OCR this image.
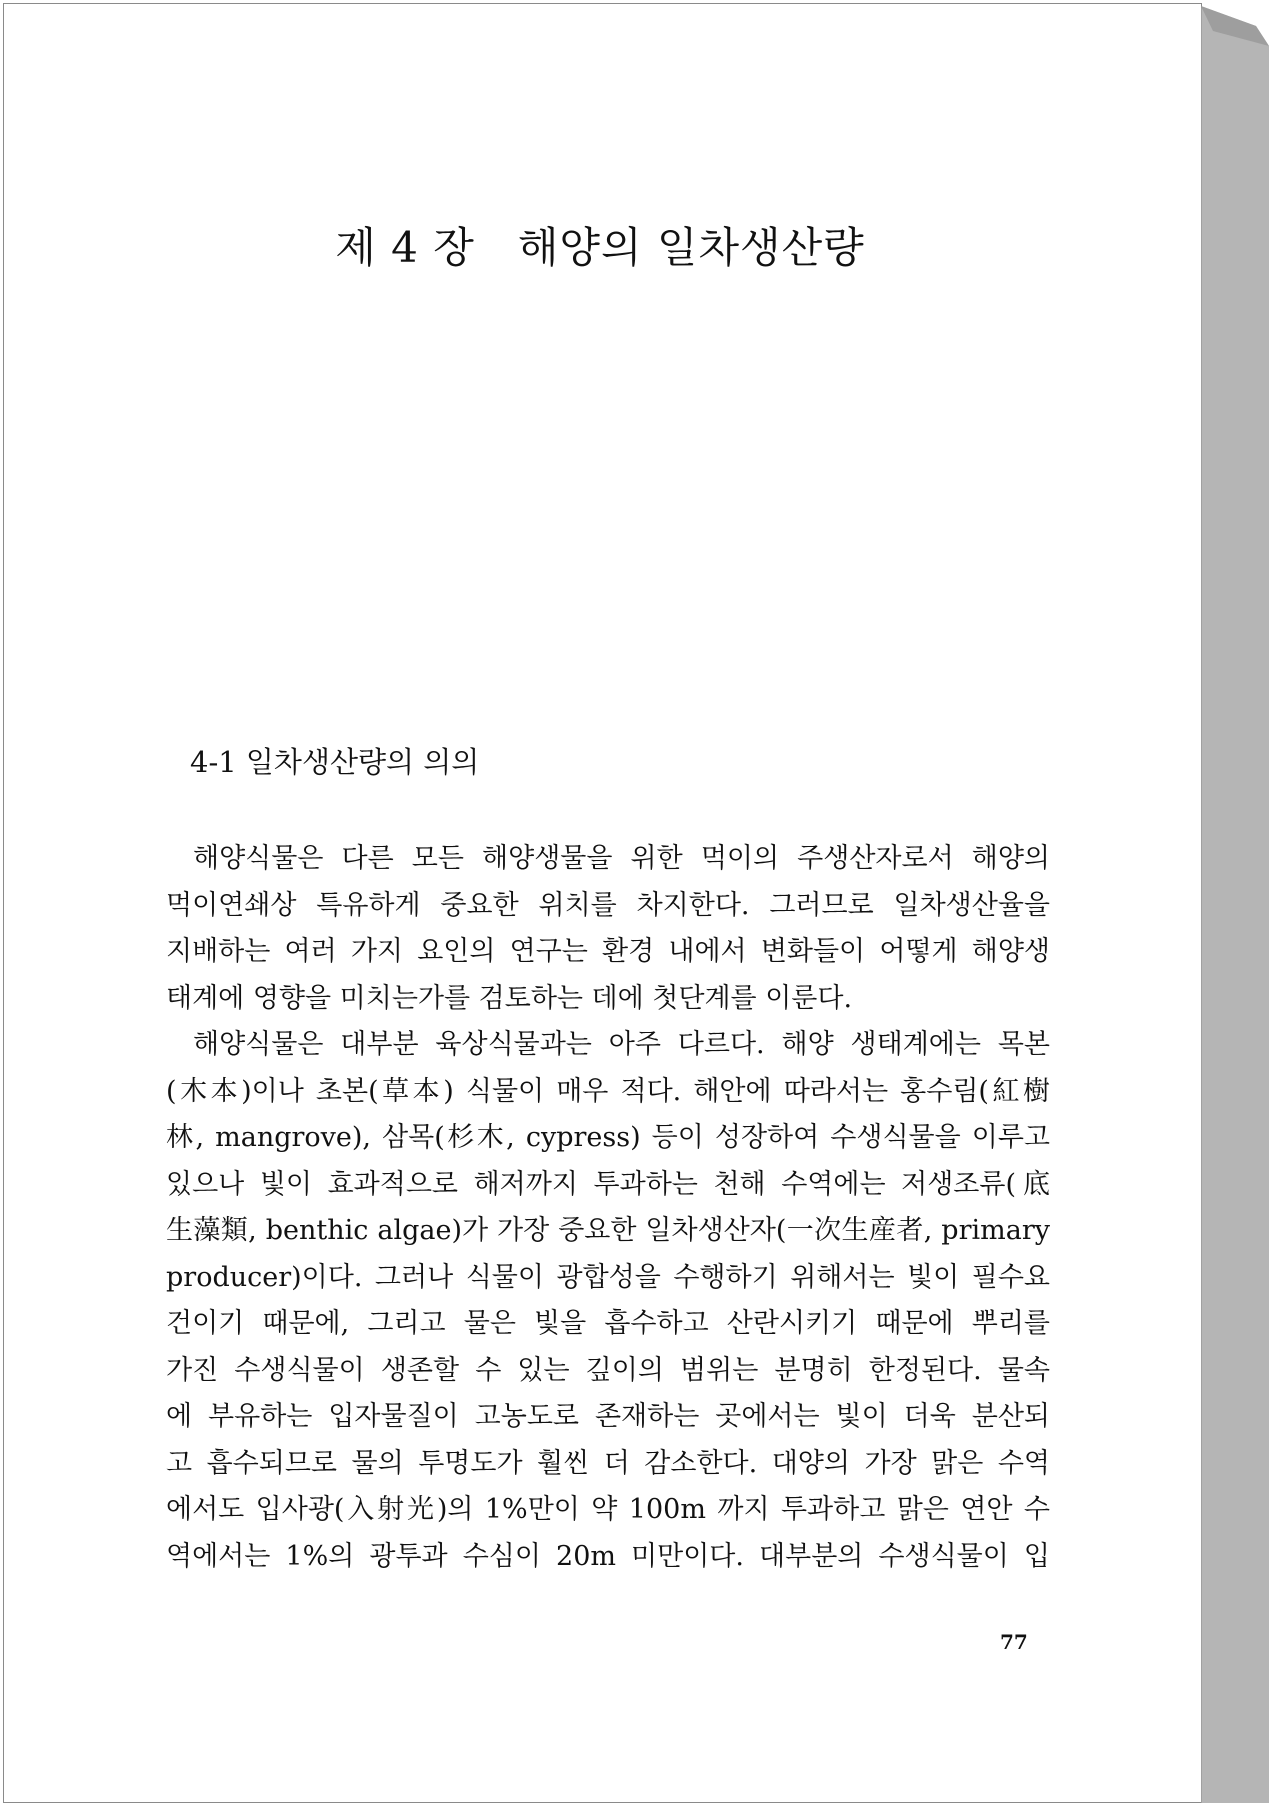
제 4 장　해양의 일차생산량
4-1 일차생산량의 의의
해양식물은 다른 모든 해양생물을 위한 먹이의 주생산자로서 해양의
먹이연쇄상 특유하게 중요한 위치를 차지한다. 그러므로 일차생산율을
지배하는 여러 가지 요인의 연구는 환경 내에서 변화들이 어떻게 해양생
태계에 영향을 미치는가를 검토하는 데에 첫단계를 이룬다.
해양식물은 대부분 육상식물과는 아주 다르다. 해양 생태계에는 목본
(木本)이나 초본(草本) 식물이 매우 적다. 해안에 따라서는 홍수림(紅樹
林, mangrove), 삼목(杉木, cypress) 등이 성장하여 수생식물을 이루고
있으나 빛이 효과적으로 해저까지 투과하는 천해 수역에는 저생조류(底
生藻類, benthic algae)가 가장 중요한 일차생산자(一次生産者, primary
producer)이다. 그러나 식물이 광합성을 수행하기 위해서는 빛이 필수요
건이기 때문에, 그리고 물은 빛을 흡수하고 산란시키기 때문에 뿌리를
가진 수생식물이 생존할 수 있는 깊이의 범위는 분명히 한정된다. 물속
에 부유하는 입자물질이 고농도로 존재하는 곳에서는 빛이 더욱 분산되
고 흡수되므로 물의 투명도가 훨씬 더 감소한다. 대양의 가장 맑은 수역
에서도 입사광(入射光)의 1%만이 약 100m 까지 투과하고 맑은 연안 수
역에서는 1%의 광투과 수심이 20m 미만이다. 대부분의 수생식물이 입
77
